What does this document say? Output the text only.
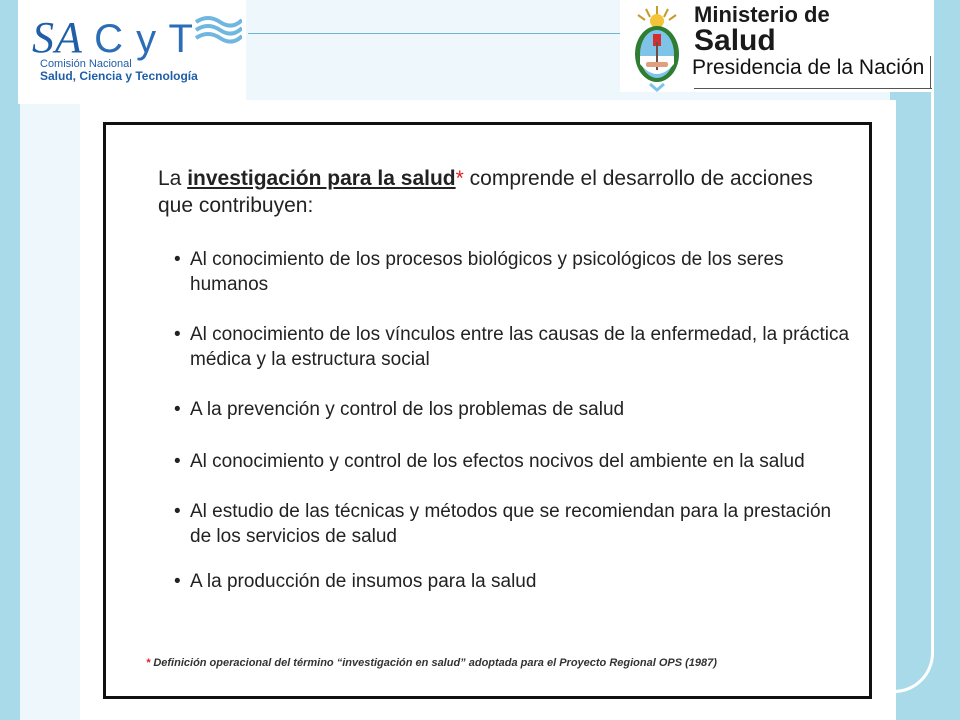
SA C y T
Comisión Nacional
Salud, Ciencia y Tecnología
Ministerio de
Salud
Presidencia de la Nación
La investigación para la salud* comprende el desarrollo de acciones que contribuyen:
• Al conocimiento de los procesos biológicos y psicológicos de los seres humanos
• Al conocimiento de los vínculos entre las causas de la enfermedad, la práctica médica y la estructura social
• A la prevención y control de los problemas de salud
• Al conocimiento y control de los efectos nocivos del ambiente en la salud
• Al estudio de las técnicas y métodos que se recomiendan para la prestación de los servicios de salud
• A la producción de insumos para la salud
* Definición operacional del término “investigación en salud” adoptada para el Proyecto Regional OPS (1987)
